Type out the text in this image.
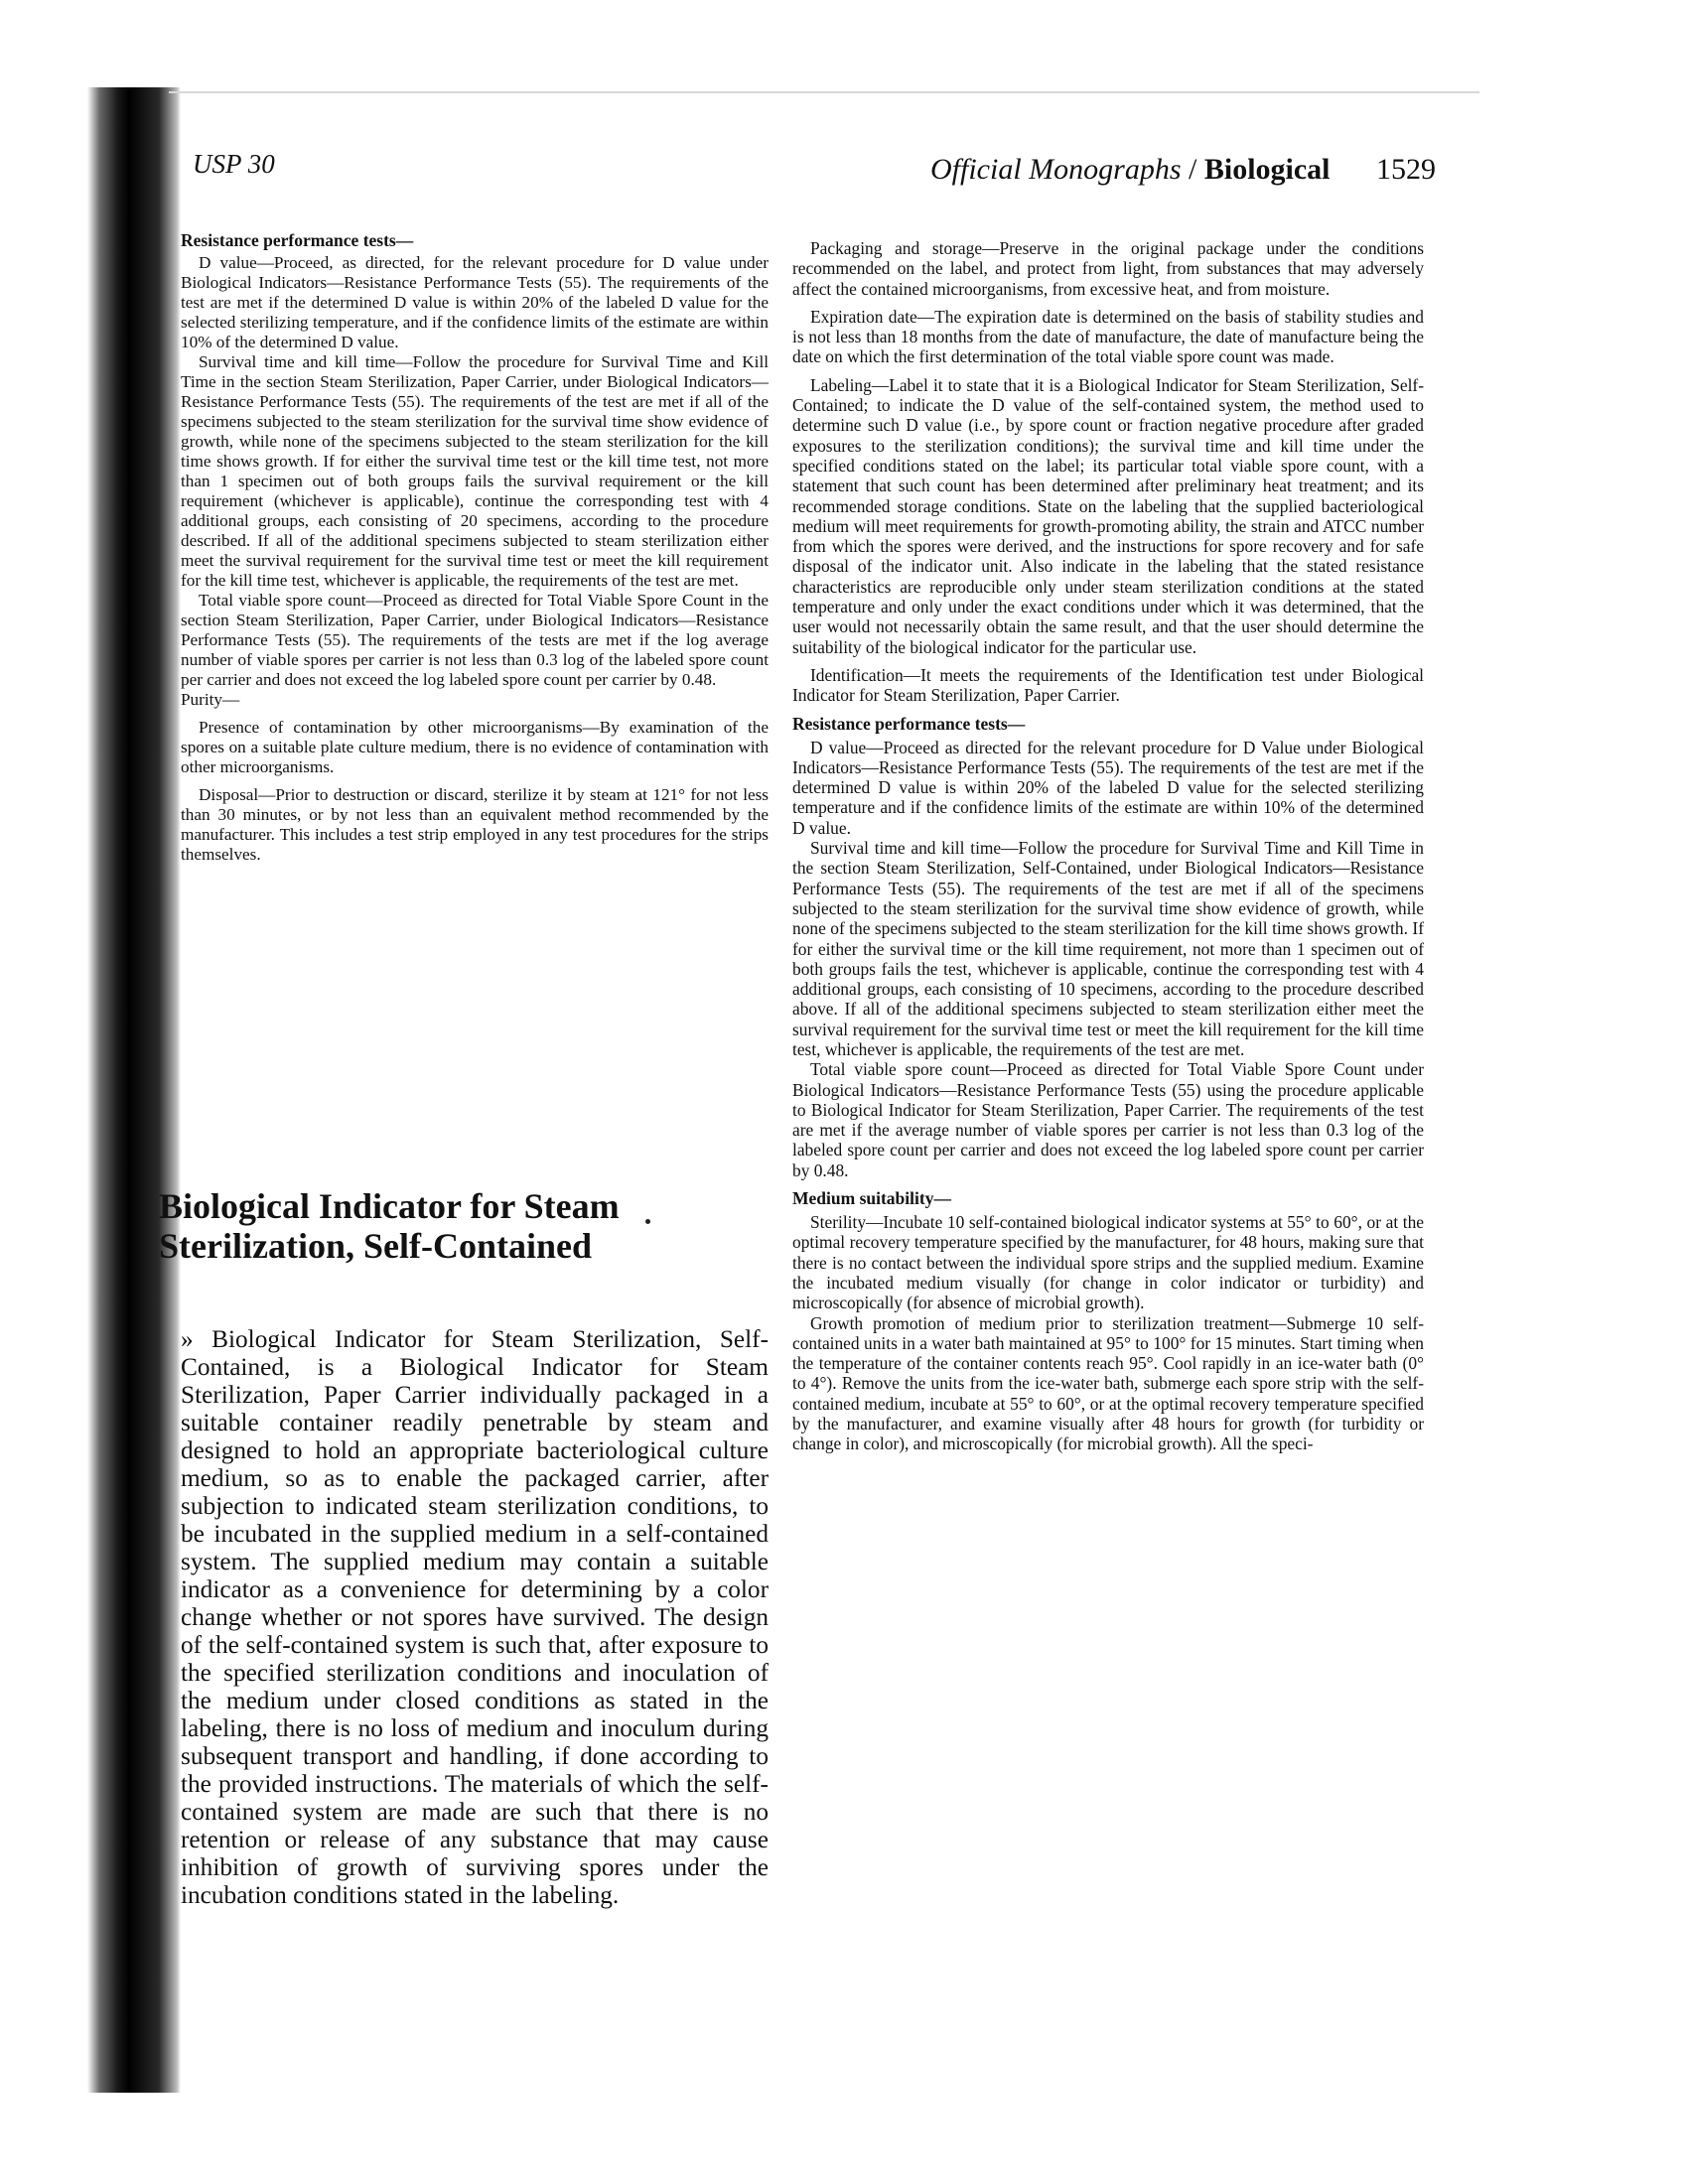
USP 30	Official Monographs / Biological 1529

Resistance performance tests—

D value—Proceed, as directed, for the relevant procedure for D value under Biological Indicators—Resistance Performance Tests (55). The requirements of the test are met if the determined D value is within 20% of the labeled D value for the selected sterilizing temperature, and if the confidence limits of the estimate are within 10% of the determined D value.

Survival time and kill time—Follow the procedure for Survival Time and Kill Time in the section Steam Sterilization, Paper Carrier, under Biological Indicators—Resistance Performance Tests (55). The requirements of the test are met if all of the specimens subjected to the steam sterilization for the survival time show evidence of growth, while none of the specimens subjected to the steam sterilization for the kill time shows growth. If for either the survival time test or the kill time test, not more than 1 specimen out of both groups fails the survival requirement or the kill requirement (whichever is applicable), continue the corresponding test with 4 additional groups, each consisting of 20 specimens, according to the procedure described. If all of the additional specimens subjected to steam sterilization either meet the survival requirement for the survival time test or meet the kill requirement for the kill time test, whichever is applicable, the requirements of the test are met.

Total viable spore count—Proceed as directed for Total Viable Spore Count in the section Steam Sterilization, Paper Carrier, under Biological Indicators—Resistance Performance Tests (55). The requirements of the tests are met if the log average number of viable spores per carrier is not less than 0.3 log of the labeled spore count per carrier and does not exceed the log labeled spore count per carrier by 0.48.

Purity—

Presence of contamination by other microorganisms—By examination of the spores on a suitable plate culture medium, there is no evidence of contamination with other microorganisms.

Disposal—Prior to destruction or discard, sterilize it by steam at 121° for not less than 30 minutes, or by not less than an equivalent method recommended by the manufacturer. This includes a test strip employed in any test procedures for the strips themselves.

Biological Indicator for Steam
Sterilization, Self-Contained

» Biological Indicator for Steam Sterilization, Self-Contained, is a Biological Indicator for Steam Sterilization, Paper Carrier individually packaged in a suitable container readily penetrable by steam and designed to hold an appropriate bacteriological culture medium, so as to enable the packaged carrier, after subjection to indicated steam sterilization conditions, to be incubated in the supplied medium in a self-contained system. The supplied medium may contain a suitable indicator as a convenience for determining by a color change whether or not spores have survived. The design of the self-contained system is such that, after exposure to the specified sterilization conditions and inoculation of the medium under closed conditions as stated in the labeling, there is no loss of medium and inoculum during subsequent transport and handling, if done according to the provided instructions. The materials of which the self-contained system are made are such that there is no retention or release of any substance that may cause inhibition of growth of surviving spores under the incubation conditions stated in the labeling.

Packaging and storage—Preserve in the original package under the conditions recommended on the label, and protect from light, from substances that may adversely affect the contained microorganisms, from excessive heat, and from moisture.

Expiration date—The expiration date is determined on the basis of stability studies and is not less than 18 months from the date of manufacture, the date of manufacture being the date on which the first determination of the total viable spore count was made.

Labeling—Label it to state that it is a Biological Indicator for Steam Sterilization, Self-Contained; to indicate the D value of the self-contained system, the method used to determine such D value (i.e., by spore count or fraction negative procedure after graded exposures to the sterilization conditions); the survival time and kill time under the specified conditions stated on the label; its particular total viable spore count, with a statement that such count has been determined after preliminary heat treatment; and its recommended storage conditions. State on the labeling that the supplied bacteriological medium will meet requirements for growth-promoting ability, the strain and ATCC number from which the spores were derived, and the instructions for spore recovery and for safe disposal of the indicator unit. Also indicate in the labeling that the stated resistance characteristics are reproducible only under steam sterilization conditions at the stated temperature and only under the exact conditions under which it was determined, that the user would not necessarily obtain the same result, and that the user should determine the suitability of the biological indicator for the particular use.

Identification—It meets the requirements of the Identification test under Biological Indicator for Steam Sterilization, Paper Carrier.

Resistance performance tests—

D value—Proceed as directed for the relevant procedure for D Value under Biological Indicators—Resistance Performance Tests (55). The requirements of the test are met if the determined D value is within 20% of the labeled D value for the selected sterilizing temperature and if the confidence limits of the estimate are within 10% of the determined D value.

Survival time and kill time—Follow the procedure for Survival Time and Kill Time in the section Steam Sterilization, Self-Contained, under Biological Indicators—Resistance Performance Tests (55). The requirements of the test are met if all of the specimens subjected to the steam sterilization for the survival time show evidence of growth, while none of the specimens subjected to the steam sterilization for the kill time shows growth. If for either the survival time or the kill time requirement, not more than 1 specimen out of both groups fails the test, whichever is applicable, continue the corresponding test with 4 additional groups, each consisting of 10 specimens, according to the procedure described above. If all of the additional specimens subjected to steam sterilization either meet the survival requirement for the survival time test or meet the kill requirement for the kill time test, whichever is applicable, the requirements of the test are met.

Total viable spore count—Proceed as directed for Total Viable Spore Count under Biological Indicators—Resistance Performance Tests (55) using the procedure applicable to Biological Indicator for Steam Sterilization, Paper Carrier. The requirements of the test are met if the average number of viable spores per carrier is not less than 0.3 log of the labeled spore count per carrier and does not exceed the log labeled spore count per carrier by 0.48.

Medium suitability—

Sterility—Incubate 10 self-contained biological indicator systems at 55° to 60°, or at the optimal recovery temperature specified by the manufacturer, for 48 hours, making sure that there is no contact between the individual spore strips and the supplied medium. Examine the incubated medium visually (for change in color indicator or turbidity) and microscopically (for absence of microbial growth).

Growth promotion of medium prior to sterilization treatment—Submerge 10 self-contained units in a water bath maintained at 95° to 100° for 15 minutes. Start timing when the temperature of the container contents reach 95°. Cool rapidly in an ice-water bath (0° to 4°). Remove the units from the ice-water bath, submerge each spore strip with the self-contained medium, incubate at 55° to 60°, or at the optimal recovery temperature specified by the manufacturer, and examine visually after 48 hours for growth (for turbidity or change in color), and microscopically (for microbial growth). All the speci-
